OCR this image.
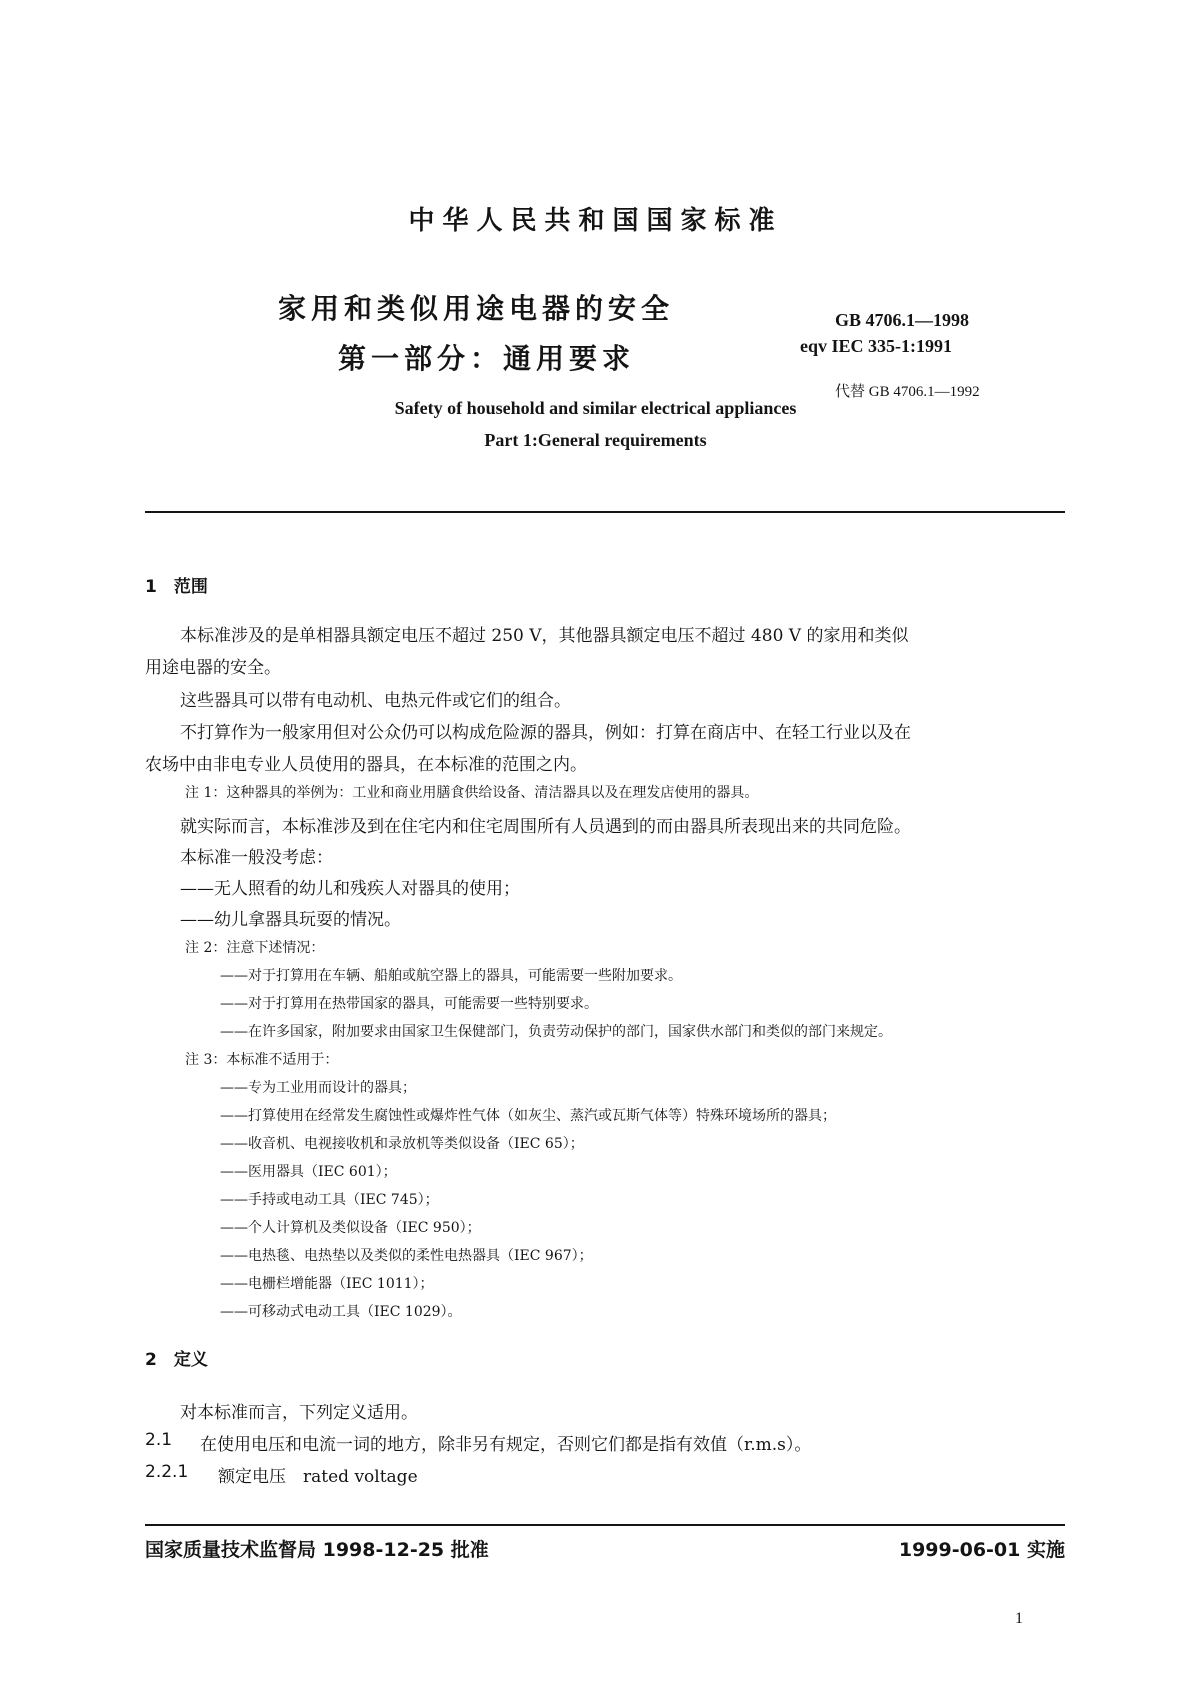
中华人民共和国国家标准
家用和类似用途电器的安全
第一部分：通用要求
GB 4706.1—1998
eqv IEC 335-1:1991
代替 GB 4706.1—1992
Safety of household and similar electrical appliances
Part 1:General requirements
1　范围
本标准涉及的是单相器具额定电压不超过 250 V，其他器具额定电压不超过 480 V 的家用和类似
用途电器的安全。
这些器具可以带有电动机、电热元件或它们的组合。
不打算作为一般家用但对公众仍可以构成危险源的器具，例如：打算在商店中、在轻工行业以及在
农场中由非电专业人员使用的器具，在本标准的范围之内。
注 1：这种器具的举例为：工业和商业用膳食供给设备、清洁器具以及在理发店使用的器具。
就实际而言，本标准涉及到在住宅内和住宅周围所有人员遇到的而由器具所表现出来的共同危险。
本标准一般没考虑：
——无人照看的幼儿和残疾人对器具的使用；
——幼儿拿器具玩耍的情况。
注 2：注意下述情况：
——对于打算用在车辆、船舶或航空器上的器具，可能需要一些附加要求。
——对于打算用在热带国家的器具，可能需要一些特别要求。
——在许多国家，附加要求由国家卫生保健部门，负责劳动保护的部门，国家供水部门和类似的部门来规定。
注 3：本标准不适用于：
——专为工业用而设计的器具；
——打算使用在经常发生腐蚀性或爆炸性气体（如灰尘、蒸汽或瓦斯气体等）特殊环境场所的器具；
——收音机、电视接收机和录放机等类似设备（IEC 65）；
——医用器具（IEC 601）；
——手持或电动工具（IEC 745）；
——个人计算机及类似设备（IEC 950）；
——电热毯、电热垫以及类似的柔性电热器具（IEC 967）；
——电栅栏增能器（IEC 1011）；
——可移动式电动工具（IEC 1029）。
2　定义
对本标准而言，下列定义适用。
2.1 在使用电压和电流一词的地方，除非另有规定，否则它们都是指有效值（r.m.s）。
2.2.1 额定电压　rated voltage
国家质量技术监督局 1998-12-25 批准	1999-06-01 实施
1
